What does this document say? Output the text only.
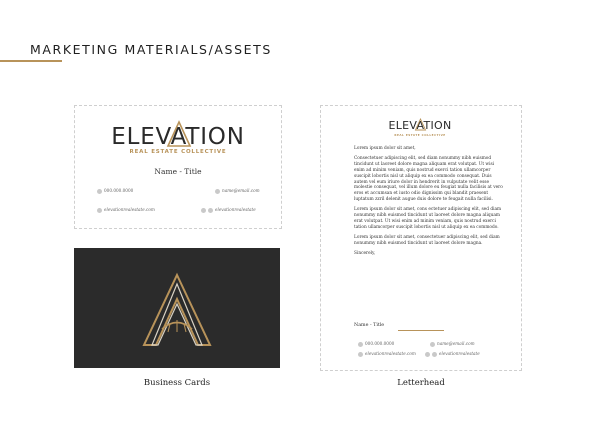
MARKETING MATERIALS/ASSETS
ELEVATION
REAL ESTATE COLLECTIVE
Name - Title
000.000.0000	name@email.com
elevationrealestate.com	elevationrealestate
Business Cards
ELEVATION
REAL ESTATE COLLECTIVE

Lorem ipsum dolor sit amet,

Consectetuer adipiscing elit, sed diam nonummy nibh euismod tincidunt ut laoreet dolore magna aliquam erat volutpat. Ut wisi enim ad minim veniam, quis nostrud exerci tation ullamcorper suscipit lobortis nisl ut aliquip ex ea commodo consequat. Duis autem vel eum iriure dolor in hendrerit in vulputate velit esse molestie consequat, vel illum dolore eu feugiat nulla facilisis at vero eros et accumsan et iusto odio dignissim qui blandit praesent luptatum zzril delenit augue duis dolore te feugait nulla facilisi.

Lorem ipsum dolor sit amet, cons ectetuer adipiscing elit, sed diam nonummy nibh euismod tincidunt ut laoreet dolore magna aliquam erat volutpat. Ut wisi enim ad minim veniam, quis nostrud exerci tation ullamcorper suscipit lobortis nisl ut aliquip ex ea commodo.

Lorem ipsum dolor sit amet, consectetuer adipiscing elit, sed diam nonummy nibh euismod tincidunt ut laoreet dolore magna.

Sincerely,

Name - Title
000.000.0000	name@email.com
elevationrealestate.com	elevationrealestate
Letterhead
